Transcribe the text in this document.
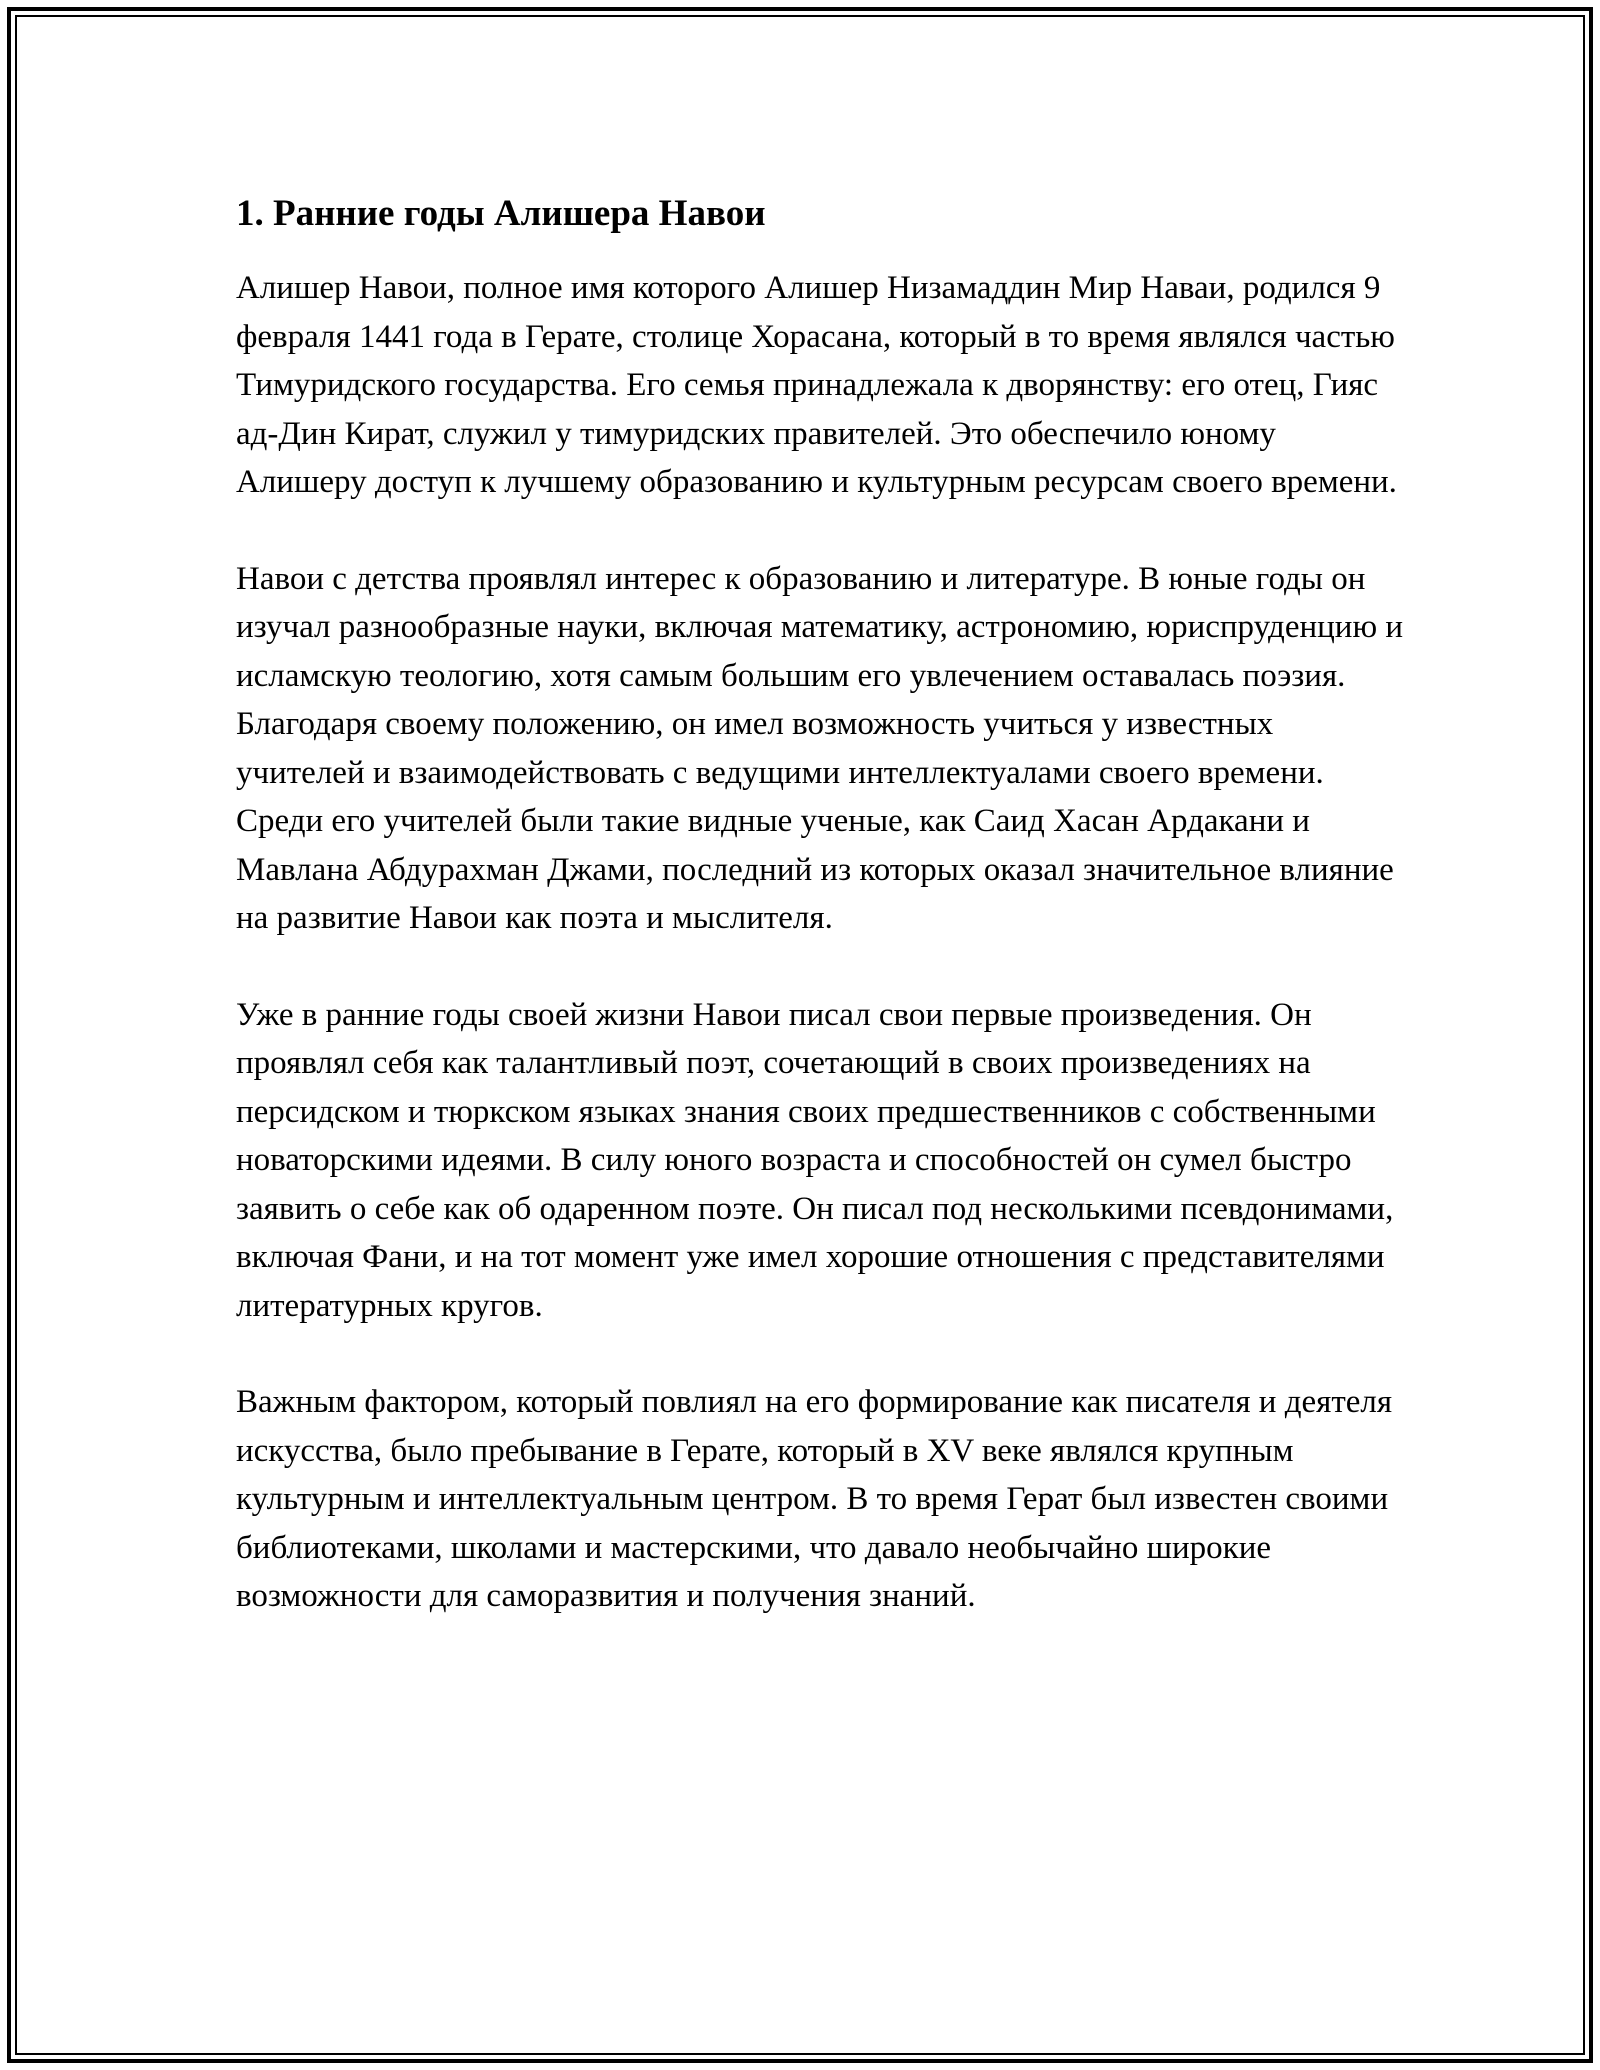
1. Ранние годы Алишера Навои

Алишер Навои, полное имя которого Алишер Низамаддин Мир Наваи, родился 9 февраля 1441 года в Герате, столице Хорасана, который в то время являлся частью Тимуридского государства. Его семья принадлежала к дворянству: его отец, Гияс ад-Дин Кират, служил у тимуридских правителей. Это обеспечило юному Алишеру доступ к лучшему образованию и культурным ресурсам своего времени.

Навои с детства проявлял интерес к образованию и литературе. В юные годы он изучал разнообразные науки, включая математику, астрономию, юриспруденцию и исламскую теологию, хотя самым большим его увлечением оставалась поэзия. Благодаря своему положению, он имел возможность учиться у известных учителей и взаимодействовать с ведущими интеллектуалами своего времени. Среди его учителей были такие видные ученые, как Саид Хасан Ардакани и Мавлана Абдурахман Джами, последний из которых оказал значительное влияние на развитие Навои как поэта и мыслителя.

Уже в ранние годы своей жизни Навои писал свои первые произведения. Он проявлял себя как талантливый поэт, сочетающий в своих произведениях на персидском и тюркском языках знания своих предшественников с собственными новаторскими идеями. В силу юного возраста и способностей он сумел быстро заявить о себе как об одаренном поэте. Он писал под несколькими псевдонимами, включая Фани, и на тот момент уже имел хорошие отношения с представителями литературных кругов.

Важным фактором, который повлиял на его формирование как писателя и деятеля искусства, было пребывание в Герате, который в XV веке являлся крупным культурным и интеллектуальным центром. В то время Герат был известен своими библиотеками, школами и мастерскими, что давало необычайно широкие возможности для саморазвития и получения знаний.
